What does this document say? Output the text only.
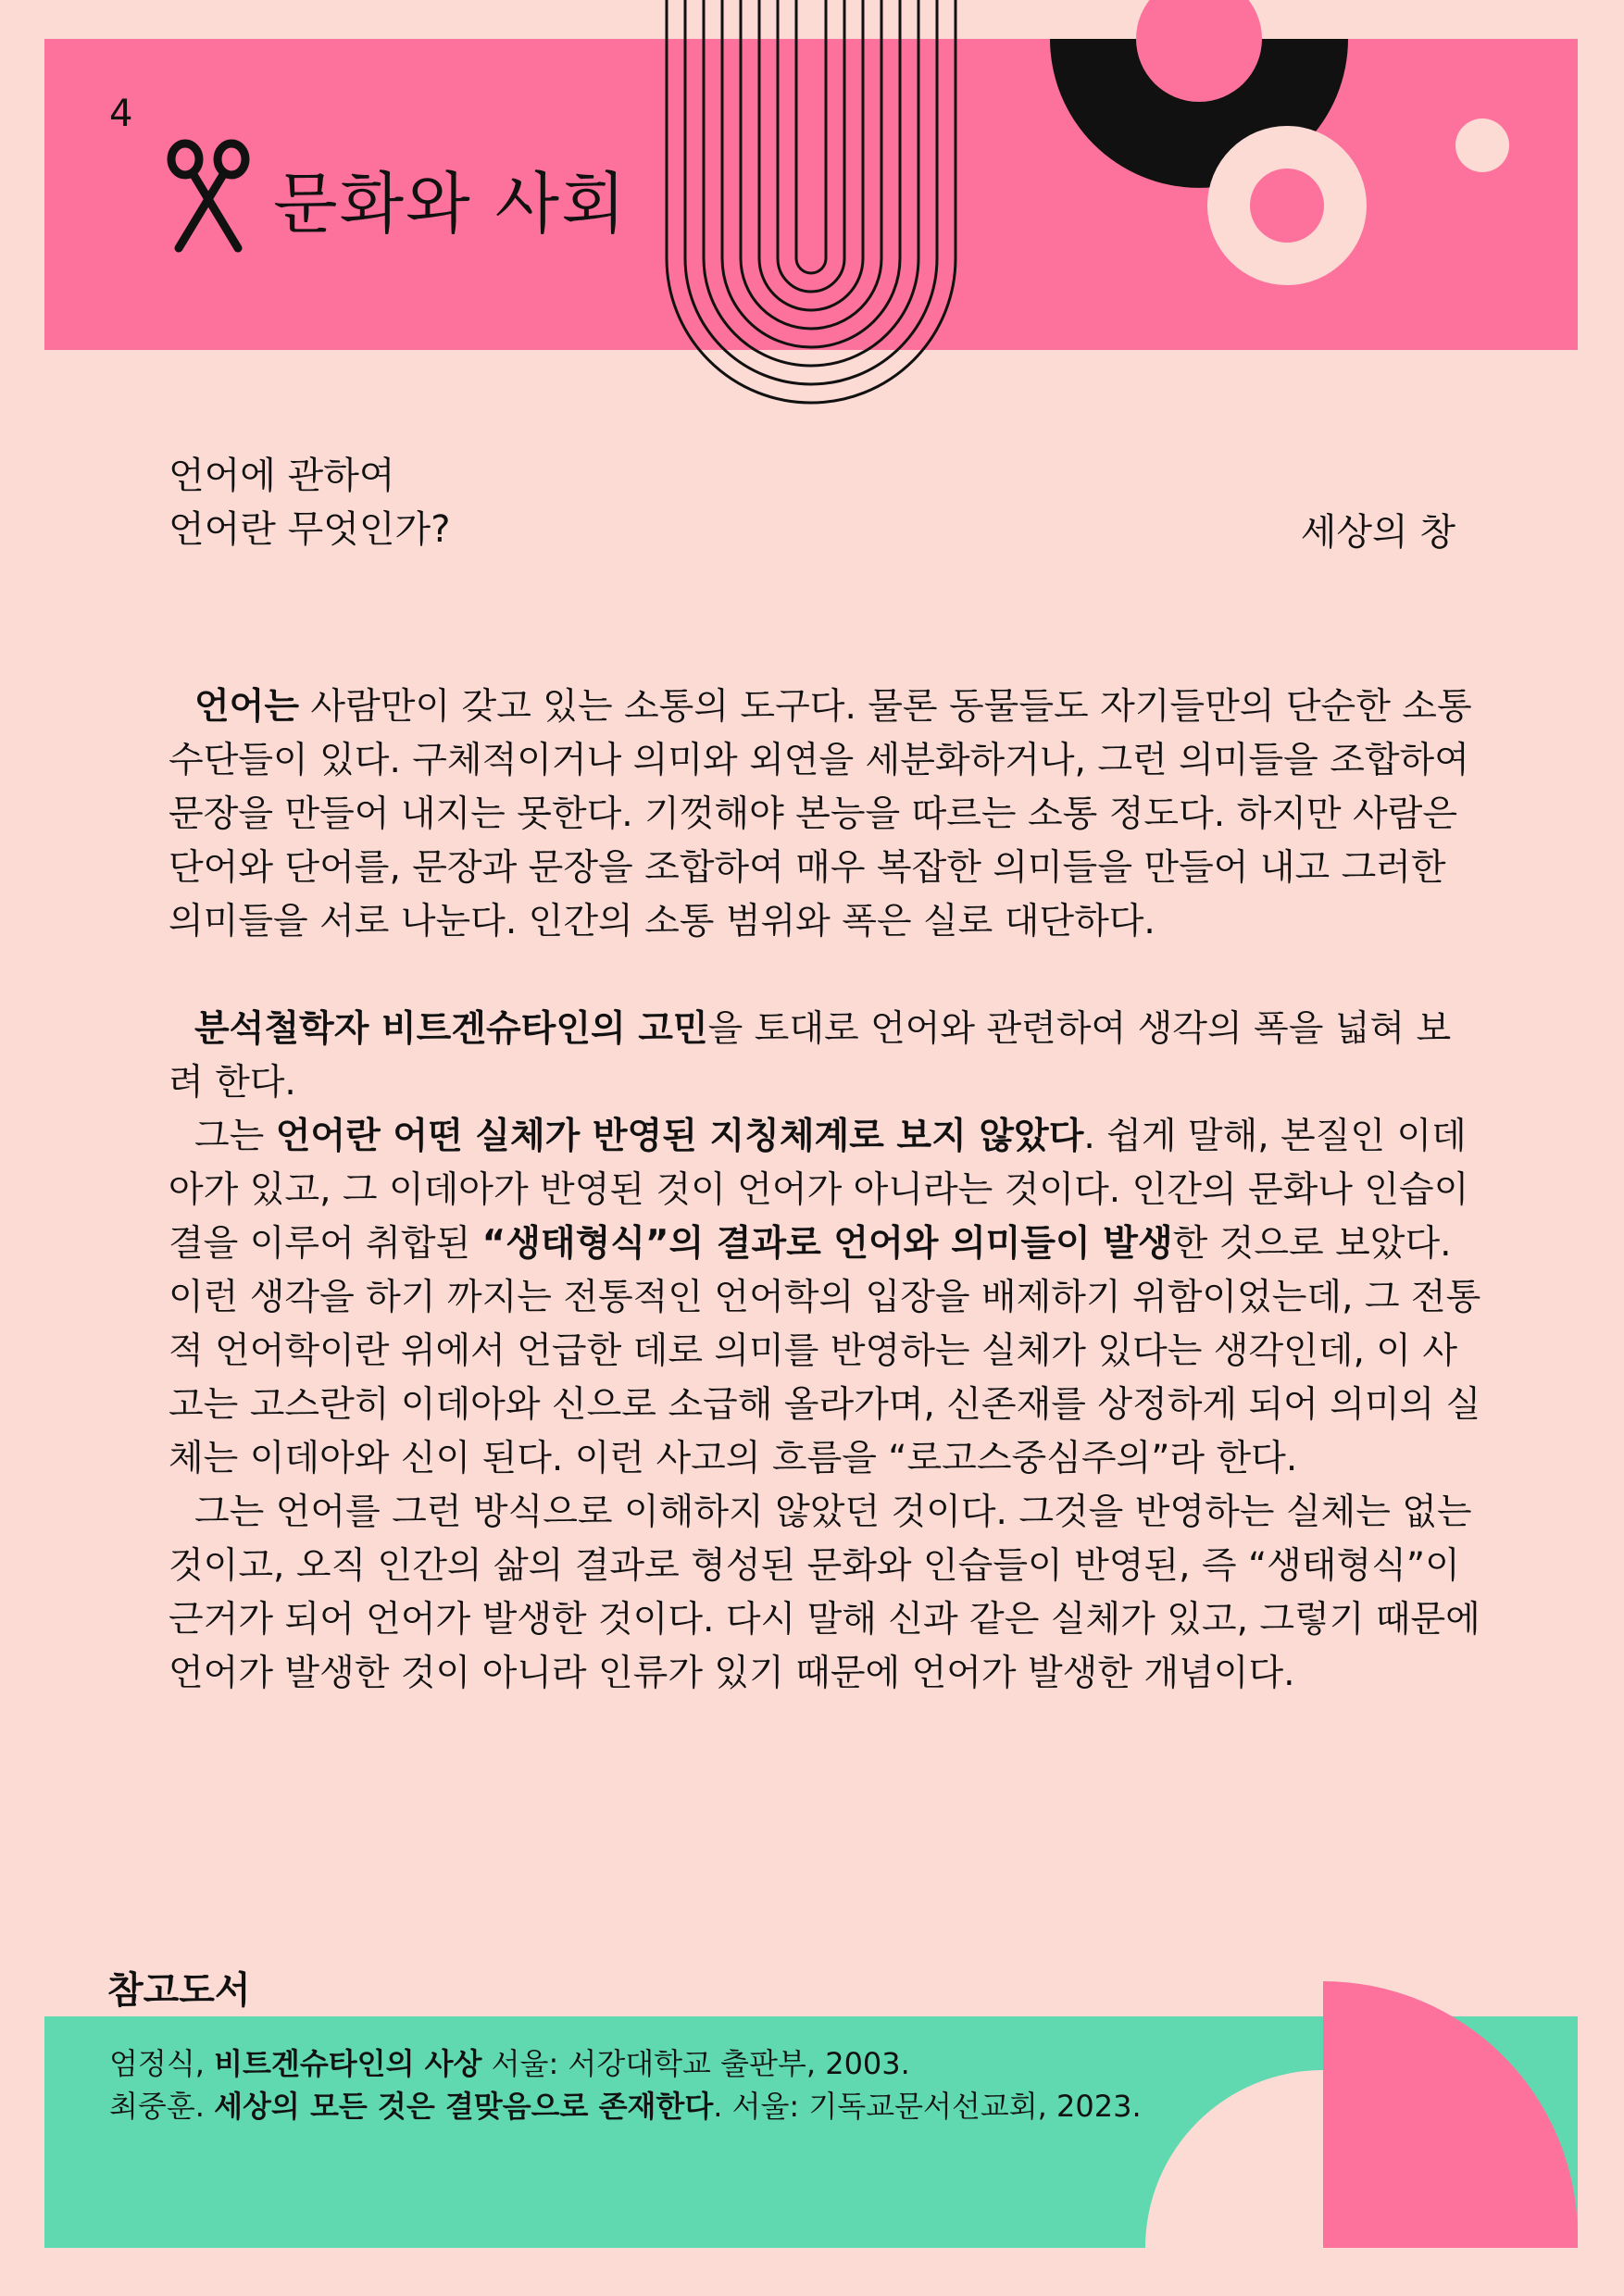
4
문화와 사회
언어에 관하여
언어란 무엇인가?	세상의 창

언어는 사람만이 갖고 있는 소통의 도구다. 물론 동물들도 자기들만의 단순한 소통 수단들이 있다. 구체적이거나 의미와 외연을 세분화하거나, 그런 의미들을 조합하여 문장을 만들어 내지는 못한다. 기껏해야 본능을 따르는 소통 정도다. 하지만 사람은 단어와 단어를, 문장과 문장을 조합하여 매우 복잡한 의미들을 만들어 내고 그러한 의미들을 서로 나눈다. 인간의 소통 범위와 폭은 실로 대단하다.

분석철학자 비트겐슈타인의 고민을 토대로 언어와 관련하여 생각의 폭을 넓혀 보려 한다.

그는 언어란 어떤 실체가 반영된 지칭체계로 보지 않았다. 쉽게 말해, 본질인 이데아가 있고, 그 이데아가 반영된 것이 언어가 아니라는 것이다. 인간의 문화나 인습이 결을 이루어 취합된 “생태형식”의 결과로 언어와 의미들이 발생한 것으로 보았다. 이런 생각을 하기 까지는 전통적인 언어학의 입장을 배제하기 위함이었는데, 그 전통적 언어학이란 위에서 언급한 데로 의미를 반영하는 실체가 있다는 생각인데, 이 사고는 고스란히 이데아와 신으로 소급해 올라가며, 신존재를 상정하게 되어 의미의 실체는 이데아와 신이 된다. 이런 사고의 흐름을 “로고스중심주의”라 한다.

그는 언어를 그런 방식으로 이해하지 않았던 것이다. 그것을 반영하는 실체는 없는 것이고, 오직 인간의 삶의 결과로 형성된 문화와 인습들이 반영된, 즉 “생태형식”이 근거가 되어 언어가 발생한 것이다. 다시 말해 신과 같은 실체가 있고, 그렇기 때문에 언어가 발생한 것이 아니라 인류가 있기 때문에 언어가 발생한 개념이다.

참고도서
엄정식, 비트겐슈타인의 사상 서울: 서강대학교 출판부, 2003.
최중훈. 세상의 모든 것은 결맞음으로 존재한다. 서울: 기독교문서선교회, 2023.
